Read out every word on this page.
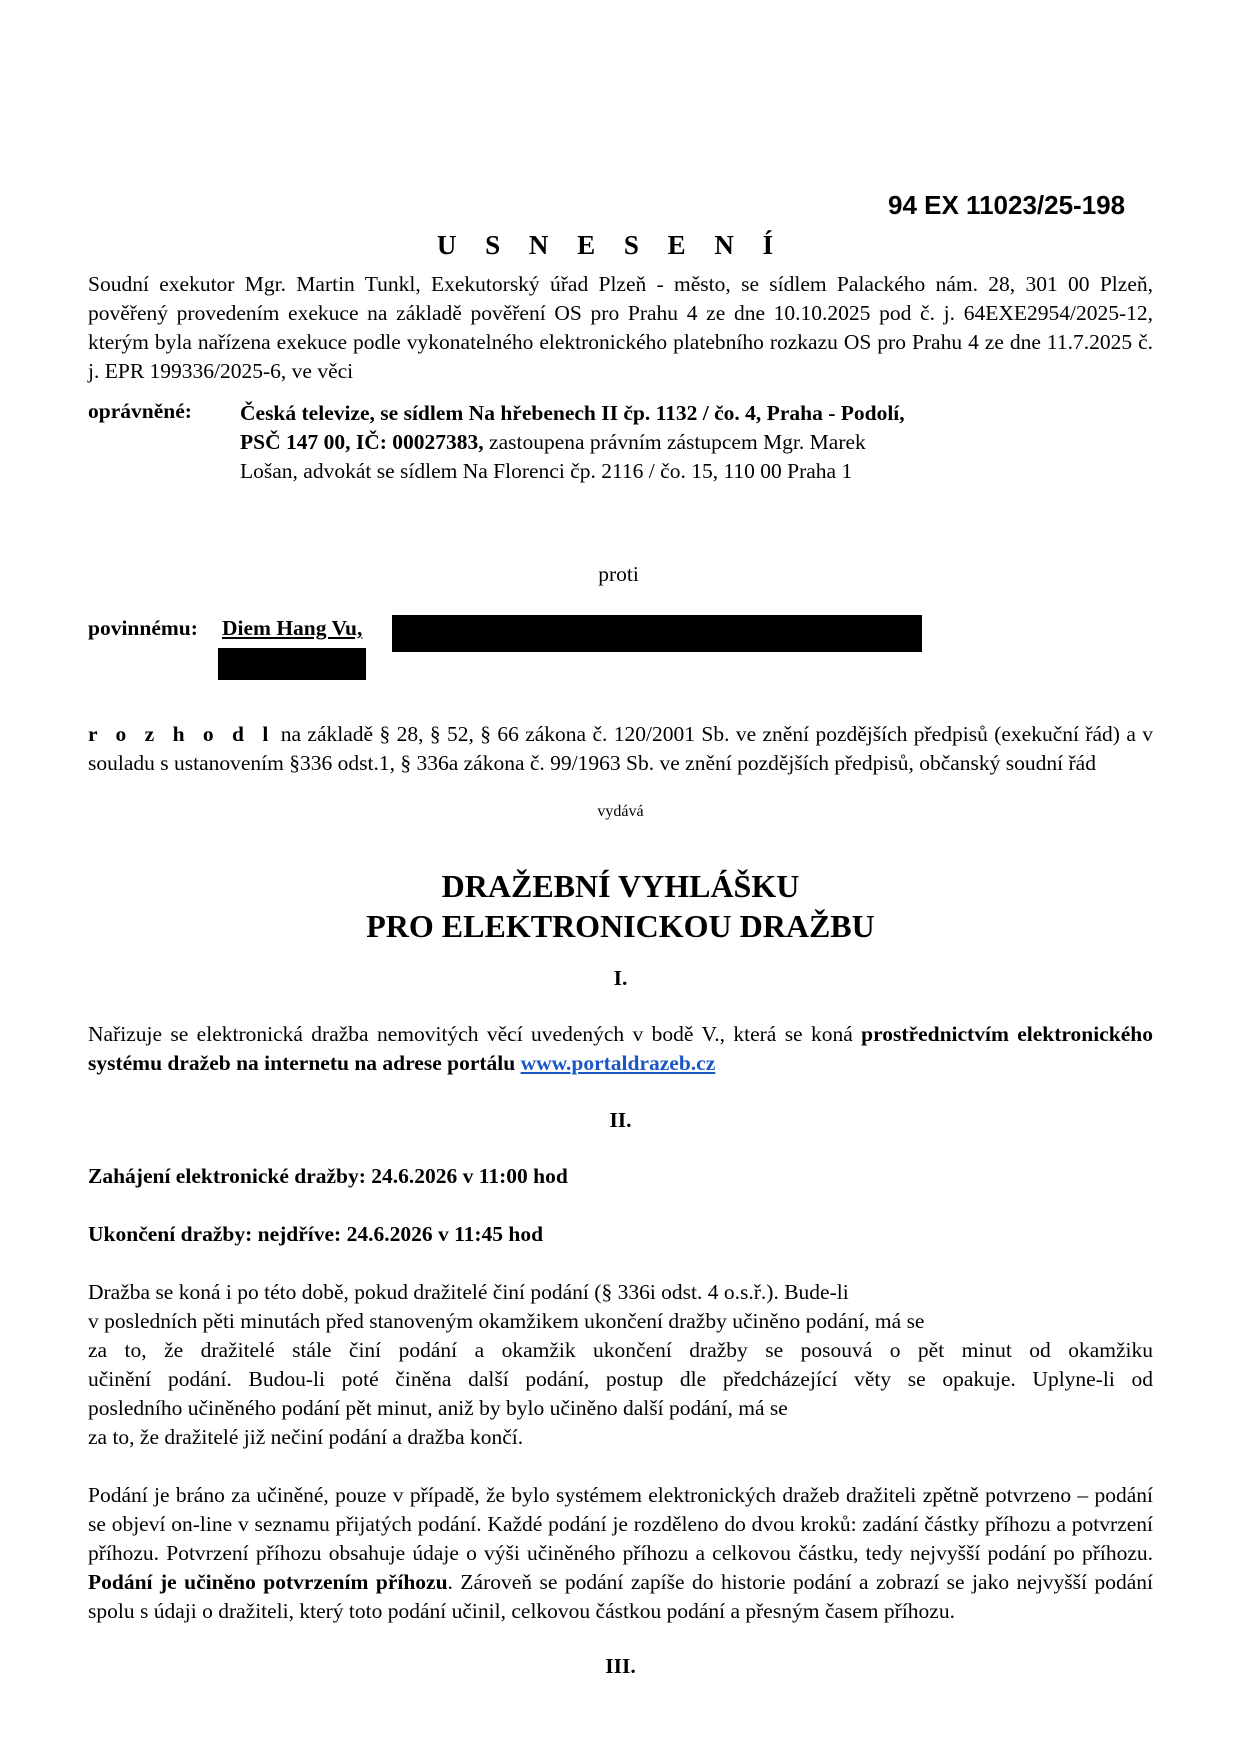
94 EX 11023/25-198
U S N E S E N Í
Soudní exekutor Mgr. Martin Tunkl, Exekutorský úřad Plzeň - město, se sídlem Palackého nám. 28, 301 00 Plzeň, pověřený provedením exekuce na základě pověření OS pro Prahu 4 ze dne 10.10.2025 pod č. j. 64EXE2954/2025-12, kterým byla nařízena exekuce podle vykonatelného elektronického platebního rozkazu OS pro Prahu 4 ze dne 11.7.2025 č. j. EPR 199336/2025-6, ve věci
oprávněné: Česká televize, se sídlem Na hřebenech II čp. 1132 / čo. 4, Praha - Podolí,
PSČ 147 00, IČ: 00027383, zastoupena právním zástupcem Mgr. Marek
Lošan, advokát se sídlem Na Florenci čp. 2116 / čo. 15, 110 00 Praha 1
proti
povinnému: Diem Hang Vu,
r o z h o d l na základě § 28, § 52, § 66 zákona č. 120/2001 Sb. ve znění pozdějších předpisů (exekuční řád) a v souladu s ustanovením §336 odst.1, § 336a zákona č. 99/1963 Sb. ve znění pozdějších předpisů, občanský soudní řád
vydává
DRAŽEBNÍ VYHLÁŠKU
PRO ELEKTRONICKOU DRAŽBU
I.
Nařizuje se elektronická dražba nemovitých věcí uvedených v bodě V., která se koná prostřednictvím elektronického systému dražeb na internetu na adrese portálu www.portaldrazeb.cz
II.
Zahájení elektronické dražby: 24.6.2026 v 11:00 hod
Ukončení dražby: nejdříve: 24.6.2026 v 11:45 hod
Dražba se koná i po této době, pokud dražitelé činí podání (§ 336i odst. 4 o.s.ř.). Bude-li
v posledních pěti minutách před stanoveným okamžikem ukončení dražby učiněno podání, má se
za to, že dražitelé stále činí podání a okamžik ukončení dražby se posouvá o pět minut od okamžiku
učinění podání. Budou-li poté činěna další podání, postup dle předcházející věty se opakuje. Uplyne-li od
posledního učiněného podání pět minut, aniž by bylo učiněno další podání, má se
za to, že dražitelé již nečiní podání a dražba končí.
Podání je bráno za učiněné, pouze v případě, že bylo systémem elektronických dražeb dražiteli zpětně potvrzeno – podání se objeví on-line v seznamu přijatých podání. Každé podání je rozděleno do dvou kroků: zadání částky příhozu a potvrzení příhozu. Potvrzení příhozu obsahuje údaje o výši učiněného příhozu a celkovou částku, tedy nejvyšší podání po příhozu. Podání je učiněno potvrzením příhozu. Zároveň se podání zapíše do historie podání a zobrazí se jako nejvyšší podání spolu s údaji o dražiteli, který toto podání učinil, celkovou částkou podání a přesným časem příhozu.
III.
